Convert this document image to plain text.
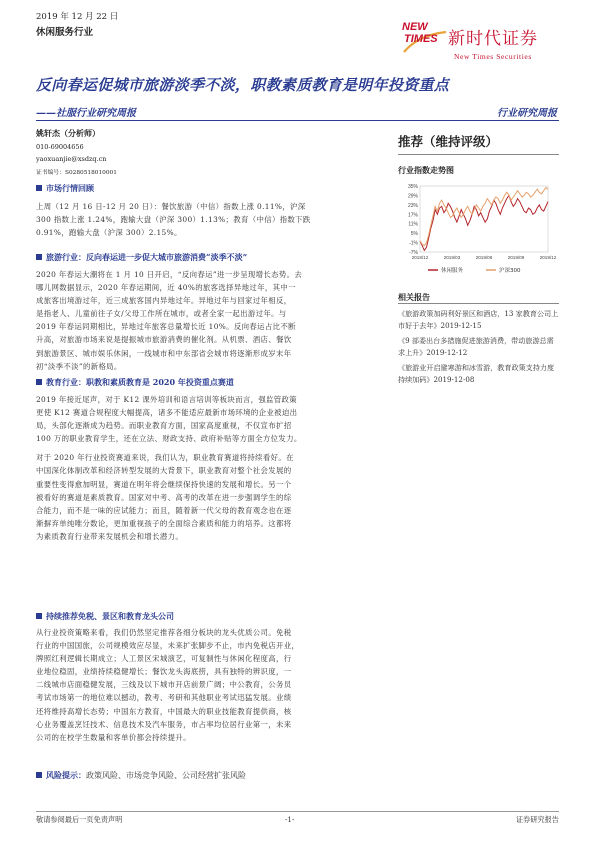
2019 年 12 月 22 日
休闲服务行业	NEW
TIMES 新时代证券
New Times Securities
反向春运促城市旅游淡季不淡，职教素质教育是明年投资重点
——社服行业研究周报	行业研究周报
姚轩杰（分析师）
010-69004656
yaoxuanjie@xsdzq.cn
证书编号：S0280518010001
市场行情回顾
上周（12 月 16 日-12 月 20 日）：餐饮旅游（中信）指数上涨 0.11%，沪深
300 指数上涨 1.24%，跑输大盘（沪深 300）1.13%；教育（中信）指数下跌
0.91%，跑输大盘（沪深 300）2.15%。
旅游行业：反向春运进一步促大城市旅游消费“淡季不淡”
2020 年春运大潮将在 1 月 10 日开启，“反向春运”进一步呈现增长态势。去
哪儿网数据显示，2020 年春运期间，近 40%的旅客选择异地过年，其中一
成旅客出境游过年，近三成旅客国内异地过年。异地过年与回家过年相反，
是指老人、儿童前往子女/父母工作所在城市，或者全家一起出游过年。与
2019 年春运同期相比，异地过年旅客总量增长近 10%。反向春运占比不断
升高，对旅游市场来说是提振城市旅游消费的催化剂。从机票、酒店、餐饮
到旅游景区、城市娱乐休闲，一线城市和中东部省会城市将逐渐形成岁末年
初“淡季不淡”的新格局。
教育行业：职教和素质教育是 2020 年投资重点赛道
2019 年接近尾声，对于 K12 课外培训和语言培训等板块而言，强监管政策
更使 K12 赛道合规程度大幅提高，诸多不能适应最新市场环境的企业被迫出
局，头部化逐渐成为趋势。而职业教育方面，国家高度重视，不仅宣布扩招
100 万的职业教育学生，还在立法、财政支持、政府补贴等方面全方位发力。
对于 2020 年行业投资赛道来说，我们认为，职业教育赛道将持续看好。在
中国深化体制改革和经济转型发展的大背景下，职业教育对整个社会发展的
重要性变得愈加明显，赛道在明年将会继续保持快速的发展和增长。另一个
被看好的赛道是素质教育。国家对中考、高考的改革在进一步强调学生的综
合能力，而不是一味的应试能力；而且，随着新一代父母的教育观念也在逐
渐摒弃单纯唯分数论，更加重视孩子的全面综合素质和能力的培养。这都将
为素质教育行业带来发展机会和增长潜力。
持续推荐免税、景区和教育龙头公司
从行业投资策略来看，我们仍然坚定推荐各细分板块的龙头优质公司。免税
行业的中国国旅，公司规模效应尽显，未来扩张脚步不止，市内免税店开业，
牌照红利逻辑长期成立；人工景区宋城演艺，可复制性与休闲化程度高，行
业地位稳固，业绩持续稳健增长；餐饮龙头海底捞，具有独特的辨识度，一
二线城市店面稳健发展，三线及以下城市开店前景广阔；中公教育，公务员
考试市场第一的地位难以撼动，教考、考研和其他职业考试迅猛发展。业绩
还将维持高增长态势；中国东方教育，中国最大的职业技能教育提供商，核
心业务覆盖烹饪技术、信息技术及汽车服务，市占率均位居行业第一，未来
公司的在校学生数量和客单价都会持续提升。
风险提示：政策风险、市场竞争风险、公司经营扩张风险
推荐（维持评级）
行业指数走势图
35%
29%
23%
17%
11%
5%
-1%
-7%
2018/12	2019/03	2019/06	2019/09	2019/12
休闲服务	沪深300
相关报告
《旅游政策加码利好景区和酒店，13 家教育公司上市好于去年》2019-12-15
《9 部委出台多措施促进旅游消费，带动旅游总需求上升》2019-12-12
《旅游业开启避寒游和冰雪游，教育政策支持力度持续加码》2019-12-08
敬请参阅最后一页免责声明	-1-	证券研究报告
